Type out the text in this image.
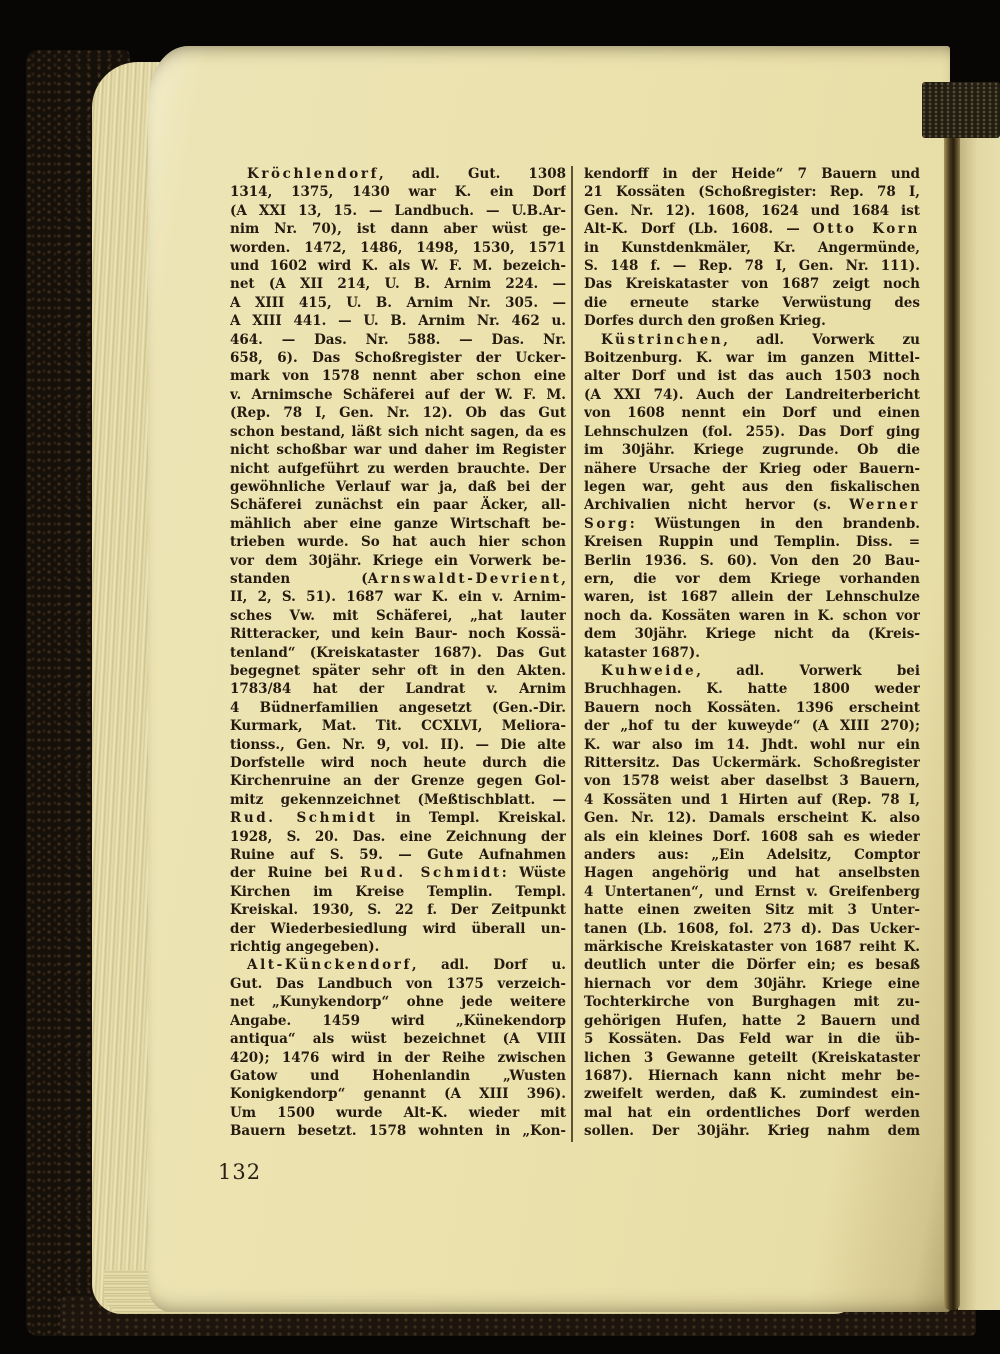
Kröchlendorf, adl. Gut. 1308
1314, 1375, 1430 war K. ein Dorf
(A XXI 13, 15. — Landbuch. — U.B.Ar-
nim Nr. 70), ist dann aber wüst ge-
worden. 1472, 1486, 1498, 1530, 1571
und 1602 wird K. als W. F. M. bezeich-
net (A XII 214, U. B. Arnim 224. —
A XIII 415, U. B. Arnim Nr. 305. —
A XIII 441. — U. B. Arnim Nr. 462 u.
464. — Das. Nr. 588. — Das. Nr.
658, 6). Das Schoßregister der Ucker-
mark von 1578 nennt aber schon eine
v. Arnimsche Schäferei auf der W. F. M.
(Rep. 78 I, Gen. Nr. 12). Ob das Gut
schon bestand, läßt sich nicht sagen, da es
nicht schoßbar war und daher im Register
nicht aufgeführt zu werden brauchte. Der
gewöhnliche Verlauf war ja, daß bei der
Schäferei zunächst ein paar Äcker, all-
mählich aber eine ganze Wirtschaft be-
trieben wurde. So hat auch hier schon
vor dem 30jähr. Kriege ein Vorwerk be-
standen (Arnswaldt-Devrient,
II, 2, S. 51). 1687 war K. ein v. Arnim-
sches Vw. mit Schäferei, „hat lauter
Ritteracker, und kein Baur- noch Kossä-
tenland“ (Kreiskataster 1687). Das Gut
begegnet später sehr oft in den Akten.
1783/84 hat der Landrat v. Arnim
4 Büdnerfamilien angesetzt (Gen.-Dir.
Kurmark, Mat. Tit. CCXLVI, Meliora-
tionss., Gen. Nr. 9, vol. II). — Die alte
Dorfstelle wird noch heute durch die
Kirchenruine an der Grenze gegen Gol-
mitz gekennzeichnet (Meßtischblatt. —
Rud. Schmidt in Templ. Kreiskal.
1928, S. 20. Das. eine Zeichnung der
Ruine auf S. 59. — Gute Aufnahmen
der Ruine bei Rud. Schmidt: Wüste
Kirchen im Kreise Templin. Templ.
Kreiskal. 1930, S. 22 f. Der Zeitpunkt
der Wiederbesiedlung wird überall un-
richtig angegeben).
Alt-Künckendorf, adl. Dorf u.
Gut. Das Landbuch von 1375 verzeich-
net „Kunykendorp“ ohne jede weitere
Angabe. 1459 wird „Künekendorp
antiqua“ als wüst bezeichnet (A VIII
420); 1476 wird in der Reihe zwischen
Gatow und Hohenlandin „Wusten
Konigkendorp“ genannt (A XIII 396).
Um 1500 wurde Alt-K. wieder mit
Bauern besetzt. 1578 wohnten in „Kon-
kendorff in der Heide“ 7 Bauern und
21 Kossäten (Schoßregister: Rep. 78 I,
Gen. Nr. 12). 1608, 1624 und 1684 ist
Alt-K. Dorf (Lb. 1608. — Otto Korn
in Kunstdenkmäler, Kr. Angermünde,
S. 148 f. — Rep. 78 I, Gen. Nr. 111).
Das Kreiskataster von 1687 zeigt noch
die erneute starke Verwüstung des
Dorfes durch den großen Krieg.
Küstrinchen, adl. Vorwerk zu
Boitzenburg. K. war im ganzen Mittel-
alter Dorf und ist das auch 1503 noch
(A XXI 74). Auch der Landreiterbericht
von 1608 nennt ein Dorf und einen
Lehnschulzen (fol. 255). Das Dorf ging
im 30jähr. Kriege zugrunde. Ob die
nähere Ursache der Krieg oder Bauern-
legen war, geht aus den fiskalischen
Archivalien nicht hervor (s. Werner
Sorg: Wüstungen in den brandenb.
Kreisen Ruppin und Templin. Diss. =
Berlin 1936. S. 60). Von den 20 Bau-
ern, die vor dem Kriege vorhanden
waren, ist 1687 allein der Lehnschulze
noch da. Kossäten waren in K. schon vor
dem 30jähr. Kriege nicht da (Kreis-
kataster 1687).
Kuhweide, adl. Vorwerk bei
Bruchhagen. K. hatte 1800 weder
Bauern noch Kossäten. 1396 erscheint
der „hof tu der kuweyde“ (A XIII 270);
K. war also im 14. Jhdt. wohl nur ein
Rittersitz. Das Uckermärk. Schoßregister
von 1578 weist aber daselbst 3 Bauern,
4 Kossäten und 1 Hirten auf (Rep. 78 I,
Gen. Nr. 12). Damals erscheint K. also
als ein kleines Dorf. 1608 sah es wieder
anders aus: „Ein Adelsitz, Comptor
Hagen angehörig und hat anselbsten
4 Untertanen“, und Ernst v. Greifenberg
hatte einen zweiten Sitz mit 3 Unter-
tanen (Lb. 1608, fol. 273 d). Das Ucker-
märkische Kreiskataster von 1687 reiht K.
deutlich unter die Dörfer ein; es besaß
hiernach vor dem 30jähr. Kriege eine
Tochterkirche von Burghagen mit zu-
gehörigen Hufen, hatte 2 Bauern und
5 Kossäten. Das Feld war in die üb-
lichen 3 Gewanne geteilt (Kreiskataster
1687). Hiernach kann nicht mehr be-
zweifelt werden, daß K. zumindest ein-
mal hat ein ordentliches Dorf werden
sollen. Der 30jähr. Krieg nahm dem
132
